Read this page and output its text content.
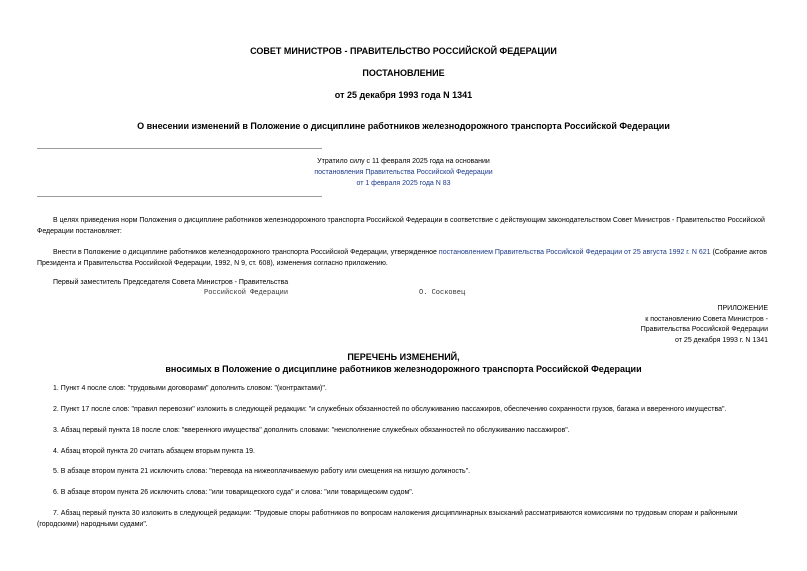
СОВЕТ МИНИСТРОВ - ПРАВИТЕЛЬСТВО РОССИЙСКОЙ ФЕДЕРАЦИИ
ПОСТАНОВЛЕНИЕ
от 25 декабря 1993 года N 1341
О внесении изменений в Положение о дисциплине работников железнодорожного транспорта Российской Федерации
Утратило силу с 11 февраля 2025 года на основании
постановления Правительства Российской Федерации
от 1 февраля 2025 года N 83
В целях приведения норм Положения о дисциплине работников железнодорожного транспорта Российской Федерации в соответствие с действующим законодательством Совет Министров - Правительство Российской Федерации постановляет:
Внести в Положение о дисциплине работников железнодорожного транспорта Российской Федерации, утвержденное постановлением Правительства Российской Федерации от 25 августа 1992 г. N 621 (Собрание актов Президента и Правительства Российской Федерации, 1992, N 9, ст. 608), изменения согласно приложению.
Первый заместитель Председателя Совета Министров - Правительства
Российской Федерации	О. Сосковец
ПРИЛОЖЕНИЕ
к постановлению Совета Министров -
Правительства Российской Федерации
от 25 декабря 1993 г. N 1341
ПЕРЕЧЕНЬ ИЗМЕНЕНИЙ,
вносимых в Положение о дисциплине работников железнодорожного транспорта Российской Федерации
1. Пункт 4 после слов: "трудовыми договорами" дополнить словом: "(контрактами)".
2. Пункт 17 после слов: "правил перевозки" изложить в следующей редакции: "и служебных обязанностей по обслуживанию пассажиров, обеспечению сохранности грузов, багажа и вверенного имущества".
3. Абзац первый пункта 18 после слов: "вверенного имущества" дополнить словами: "неисполнение служебных обязанностей по обслуживанию пассажиров".
4. Абзац второй пункта 20 считать абзацем вторым пункта 19.
5. В абзаце втором пункта 21 исключить слова: "перевода на нижеоплачиваемую работу или смещения на низшую должность".
6. В абзаце втором пункта 26 исключить слова: "или товарищеского суда" и слова: "или товарищеским судом".
7. Абзац первый пункта 30 изложить в следующей редакции: "Трудовые споры работников по вопросам наложения дисциплинарных взысканий рассматриваются комиссиями по трудовым спорам и районными (городскими) народными судами".
